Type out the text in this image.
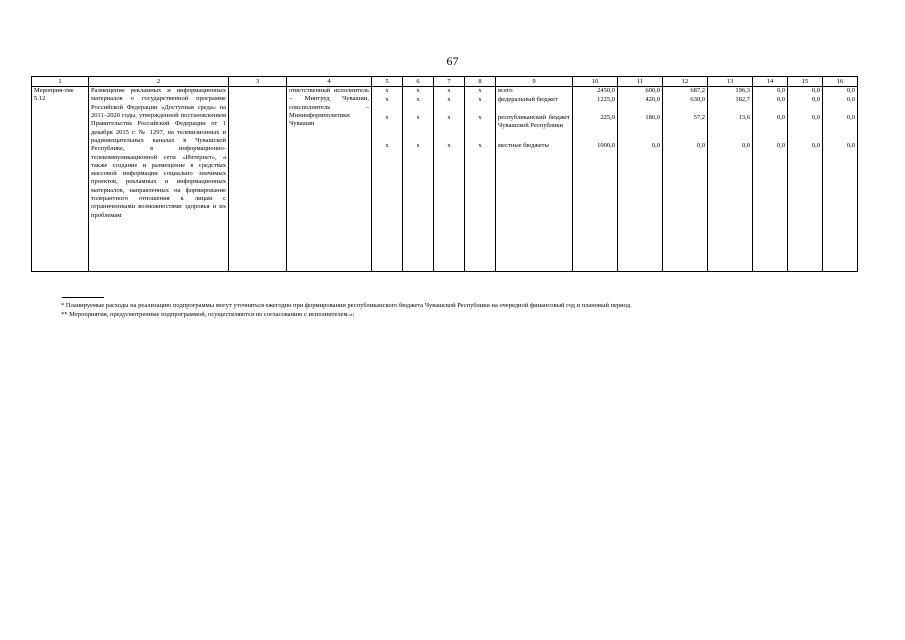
67
1	2	3	4	5	6	7	8	9	10	11	12	13	14	15	16
Мероприя-тие 5.12	Размещение рекламных и информационных материалов о государственной программе Российской Федерации «Доступная среда» на 2011–2020 годы, утвержденной постановлением Правительства Российской Федерации от 1 декабря 2015 г. № 1297, на телевизионных и радиовещательных каналах в Чувашской Республике, в информационно-телекоммуникационной сети «Интернет», а также создание и размещение в средствах массовой информации социально значимых проектов, рекламных и информационных материалов, направленных на формирование толерантного отношения к лицам с ограниченными возможностями здоровья и их проблемам		ответственный исполнитель – Минтруд Чувашии, соисполнитель – Мининформполитики Чувашии	х	х	х	х	всего	2450,0	600,0	687,2	196,3	0,0	0,0	0,0
				х	х	х	х	федеральный бюджет	1225,0	420,0	630,0	182,7	0,0	0,0	0,0
				х	х	х	х	республиканский бюджет Чувашской Республики	225,0	180,0	57,2	13,6	0,0	0,0	0,0
				х	х	х	х	местные бюджеты	1000,0	0,0	0,0	0,0	0,0	0,0	0,0

* Планируемые расходы на реализацию подпрограммы могут уточняться ежегодно при формировании республиканского бюджета Чувашской Республики на очередной финансовый год и плановый период.
** Мероприятия, предусмотренные подпрограммой, осуществляются по согласованию с исполнителем.»;
